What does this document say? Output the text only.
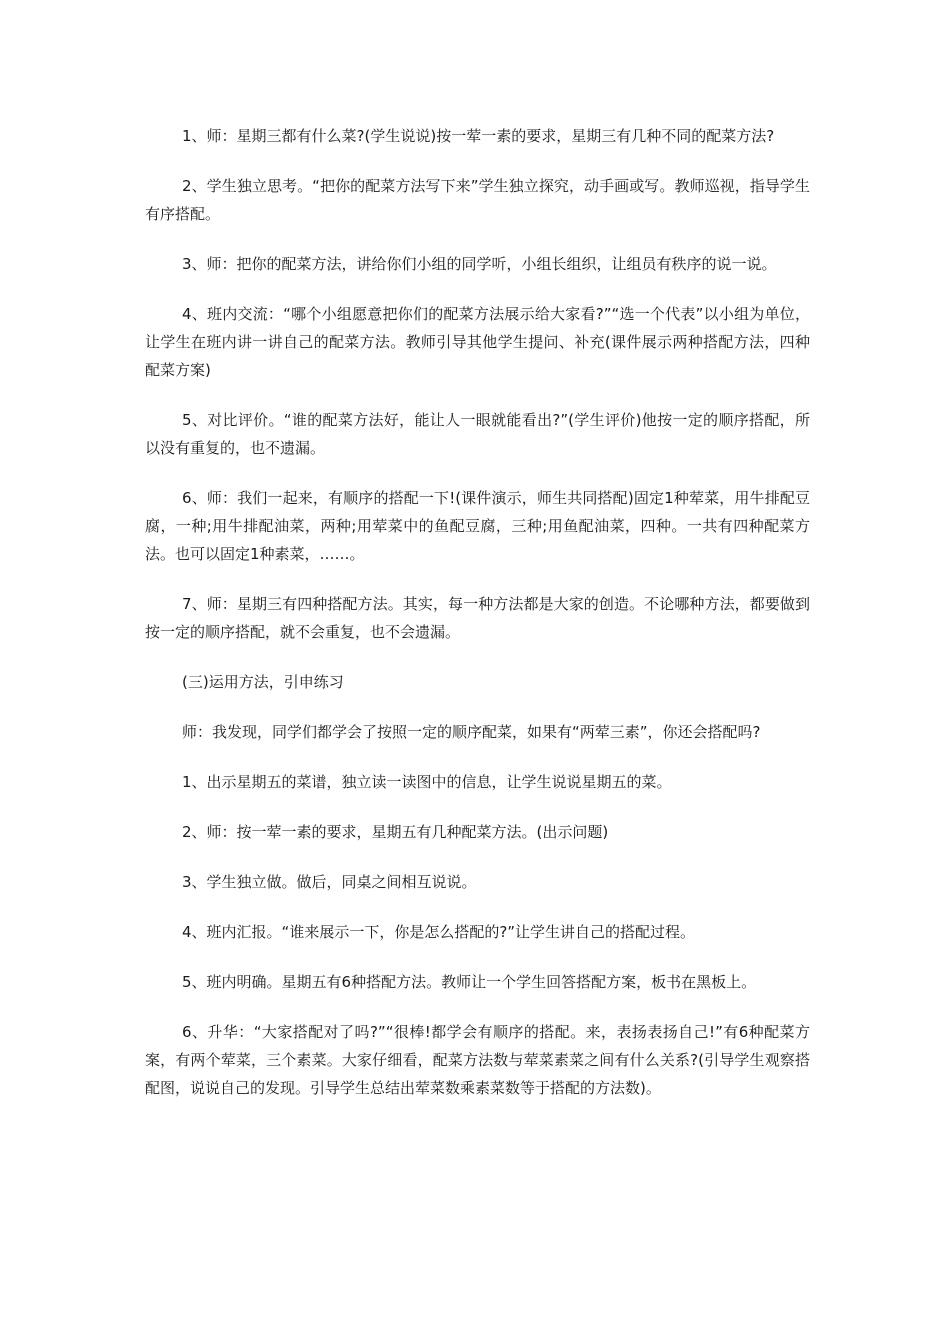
1、师：星期三都有什么菜?(学生说说)按一荤一素的要求，星期三有几种不同的配菜方法?

2、学生独立思考。“把你的配菜方法写下来”学生独立探究，动手画或写。教师巡视，指导学生有序搭配。

3、师：把你的配菜方法，讲给你们小组的同学听，小组长组织，让组员有秩序的说一说。

4、班内交流：“哪个小组愿意把你们的配菜方法展示给大家看?”“选一个代表”以小组为单位，让学生在班内讲一讲自己的配菜方法。教师引导其他学生提问、补充(课件展示两种搭配方法，四种配菜方案)

5、对比评价。“谁的配菜方法好，能让人一眼就能看出?”(学生评价)他按一定的顺序搭配，所以没有重复的，也不遗漏。

6、师：我们一起来，有顺序的搭配一下!(课件演示，师生共同搭配)固定1种荤菜，用牛排配豆腐，一种;用牛排配油菜，两种;用荤菜中的鱼配豆腐，三种;用鱼配油菜，四种。一共有四种配菜方法。也可以固定1种素菜，……。

7、师：星期三有四种搭配方法。其实，每一种方法都是大家的创造。不论哪种方法，都要做到按一定的顺序搭配，就不会重复，也不会遗漏。

(三)运用方法，引申练习

师：我发现，同学们都学会了按照一定的顺序配菜，如果有“两荤三素”，你还会搭配吗?

1、出示星期五的菜谱，独立读一读图中的信息，让学生说说星期五的菜。

2、师：按一荤一素的要求，星期五有几种配菜方法。(出示问题)

3、学生独立做。做后，同桌之间相互说说。

4、班内汇报。“谁来展示一下，你是怎么搭配的?”让学生讲自己的搭配过程。

5、班内明确。星期五有6种搭配方法。教师让一个学生回答搭配方案，板书在黑板上。

6、升华：“大家搭配对了吗?”“很棒!都学会有顺序的搭配。来，表扬表扬自己!”有6种配菜方案，有两个荤菜，三个素菜。大家仔细看，配菜方法数与荤菜素菜之间有什么关系?(引导学生观察搭配图，说说自己的发现。引导学生总结出荤菜数乘素菜数等于搭配的方法数)。
